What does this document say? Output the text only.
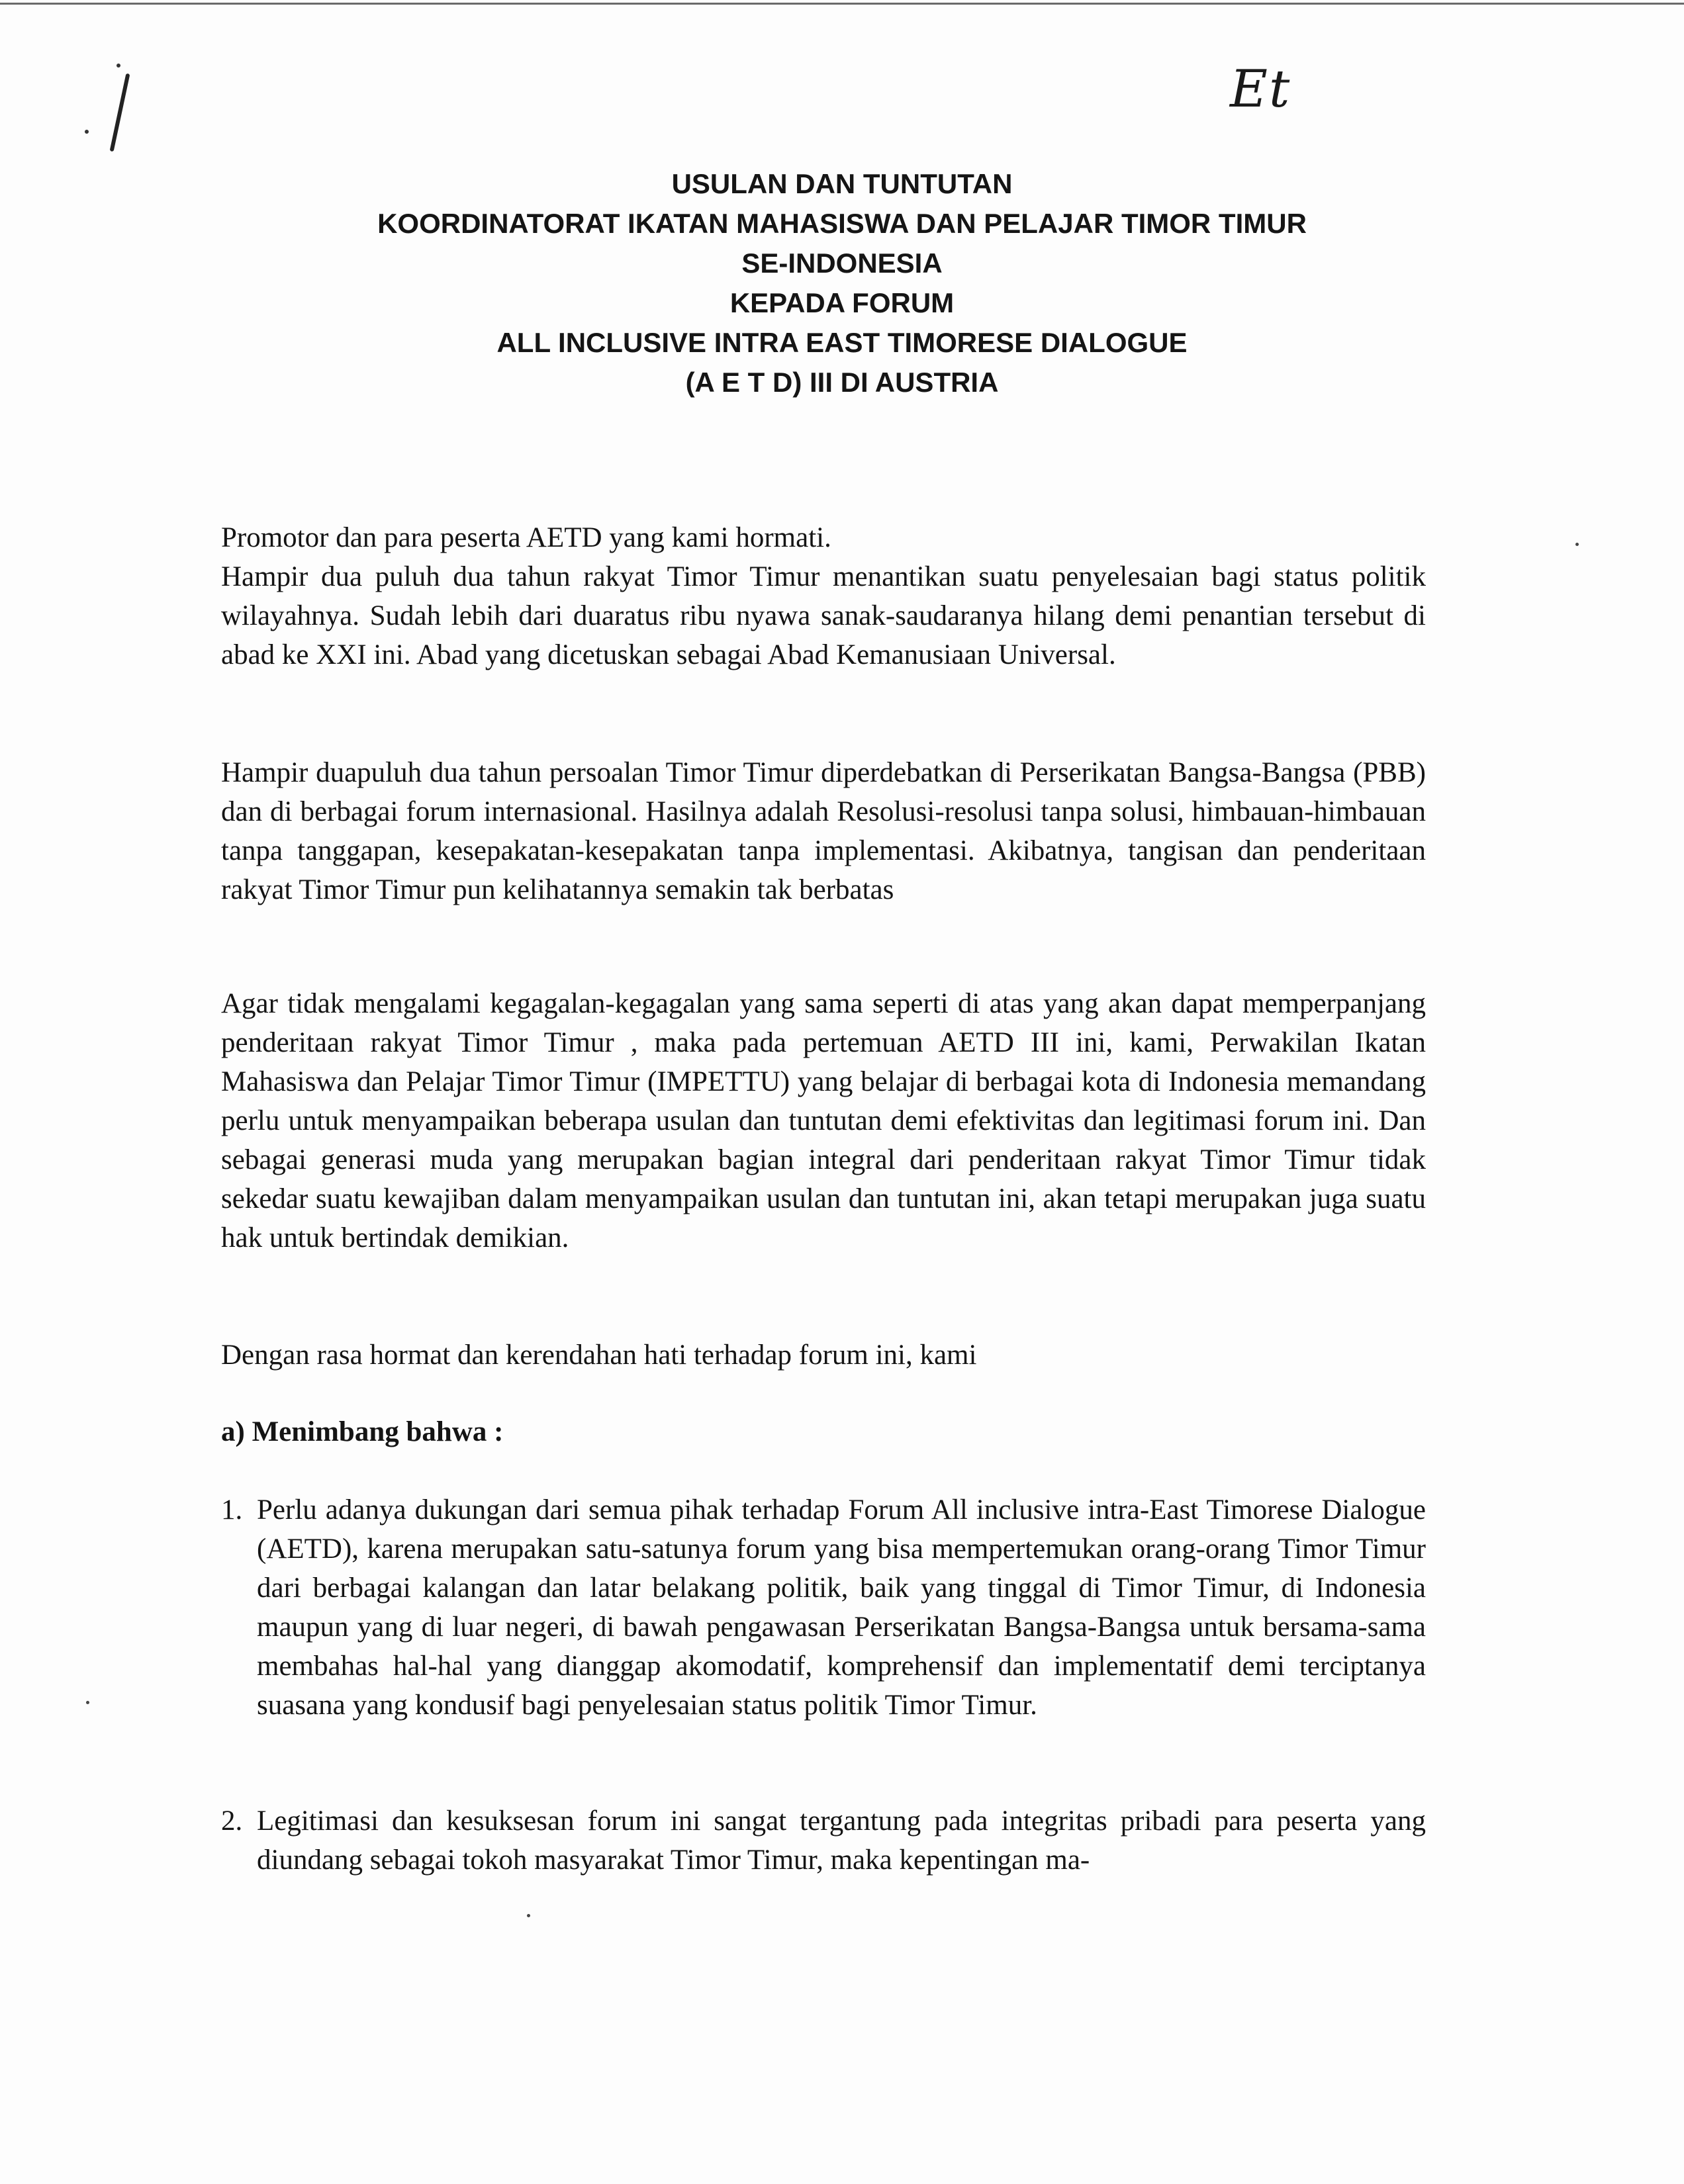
Et
USULAN DAN TUNTUTAN
KOORDINATORAT IKATAN MAHASISWA DAN PELAJAR TIMOR TIMUR
SE-INDONESIA
KEPADA FORUM
ALL INCLUSIVE INTRA EAST TIMORESE DIALOGUE
(A E T D) III DI AUSTRIA
Promotor dan para peserta AETD yang kami hormati.
Hampir dua puluh dua tahun rakyat Timor Timur menantikan suatu penyelesaian bagi status politik wilayahnya. Sudah lebih dari duaratus ribu nyawa sanak-saudaranya hilang demi penantian tersebut di abad ke XXI ini. Abad yang dicetuskan sebagai Abad Kemanusiaan Universal.
Hampir duapuluh dua tahun persoalan Timor Timur diperdebatkan di Perserikatan Bangsa-Bangsa (PBB) dan di berbagai forum internasional. Hasilnya adalah Resolusi-resolusi tanpa solusi, himbauan-himbauan tanpa tanggapan, kesepakatan-kesepakatan tanpa implementasi. Akibatnya, tangisan dan penderitaan rakyat Timor Timur pun kelihatannya semakin tak berbatas
Agar tidak mengalami kegagalan-kegagalan yang sama seperti di atas yang akan dapat memperpanjang penderitaan rakyat Timor Timur , maka pada pertemuan AETD III ini, kami, Perwakilan Ikatan Mahasiswa dan Pelajar Timor Timur (IMPETTU) yang belajar di berbagai kota di Indonesia memandang perlu untuk menyampaikan beberapa usulan dan tuntutan demi efektivitas dan legitimasi forum ini. Dan sebagai generasi muda yang merupakan bagian integral dari penderitaan rakyat Timor Timur tidak sekedar suatu kewajiban dalam menyampaikan usulan dan tuntutan ini, akan tetapi merupakan juga suatu hak untuk bertindak demikian.
Dengan rasa hormat dan kerendahan hati terhadap forum ini, kami
a) Menimbang bahwa :
1. Perlu adanya dukungan dari semua pihak terhadap Forum All inclusive intra-East Timorese Dialogue (AETD), karena merupakan satu-satunya forum yang bisa mempertemukan orang-orang Timor Timur dari berbagai kalangan dan latar belakang politik, baik yang tinggal di Timor Timur, di Indonesia maupun yang di luar negeri, di bawah pengawasan Perserikatan Bangsa-Bangsa untuk bersama-sama membahas hal-hal yang dianggap akomodatif, komprehensif dan implementatif demi terciptanya suasana yang kondusif bagi penyelesaian status politik Timor Timur.
2. Legitimasi dan kesuksesan forum ini sangat tergantung pada integritas pribadi para peserta yang diundang sebagai tokoh masyarakat Timor Timur, maka kepentingan ma-
